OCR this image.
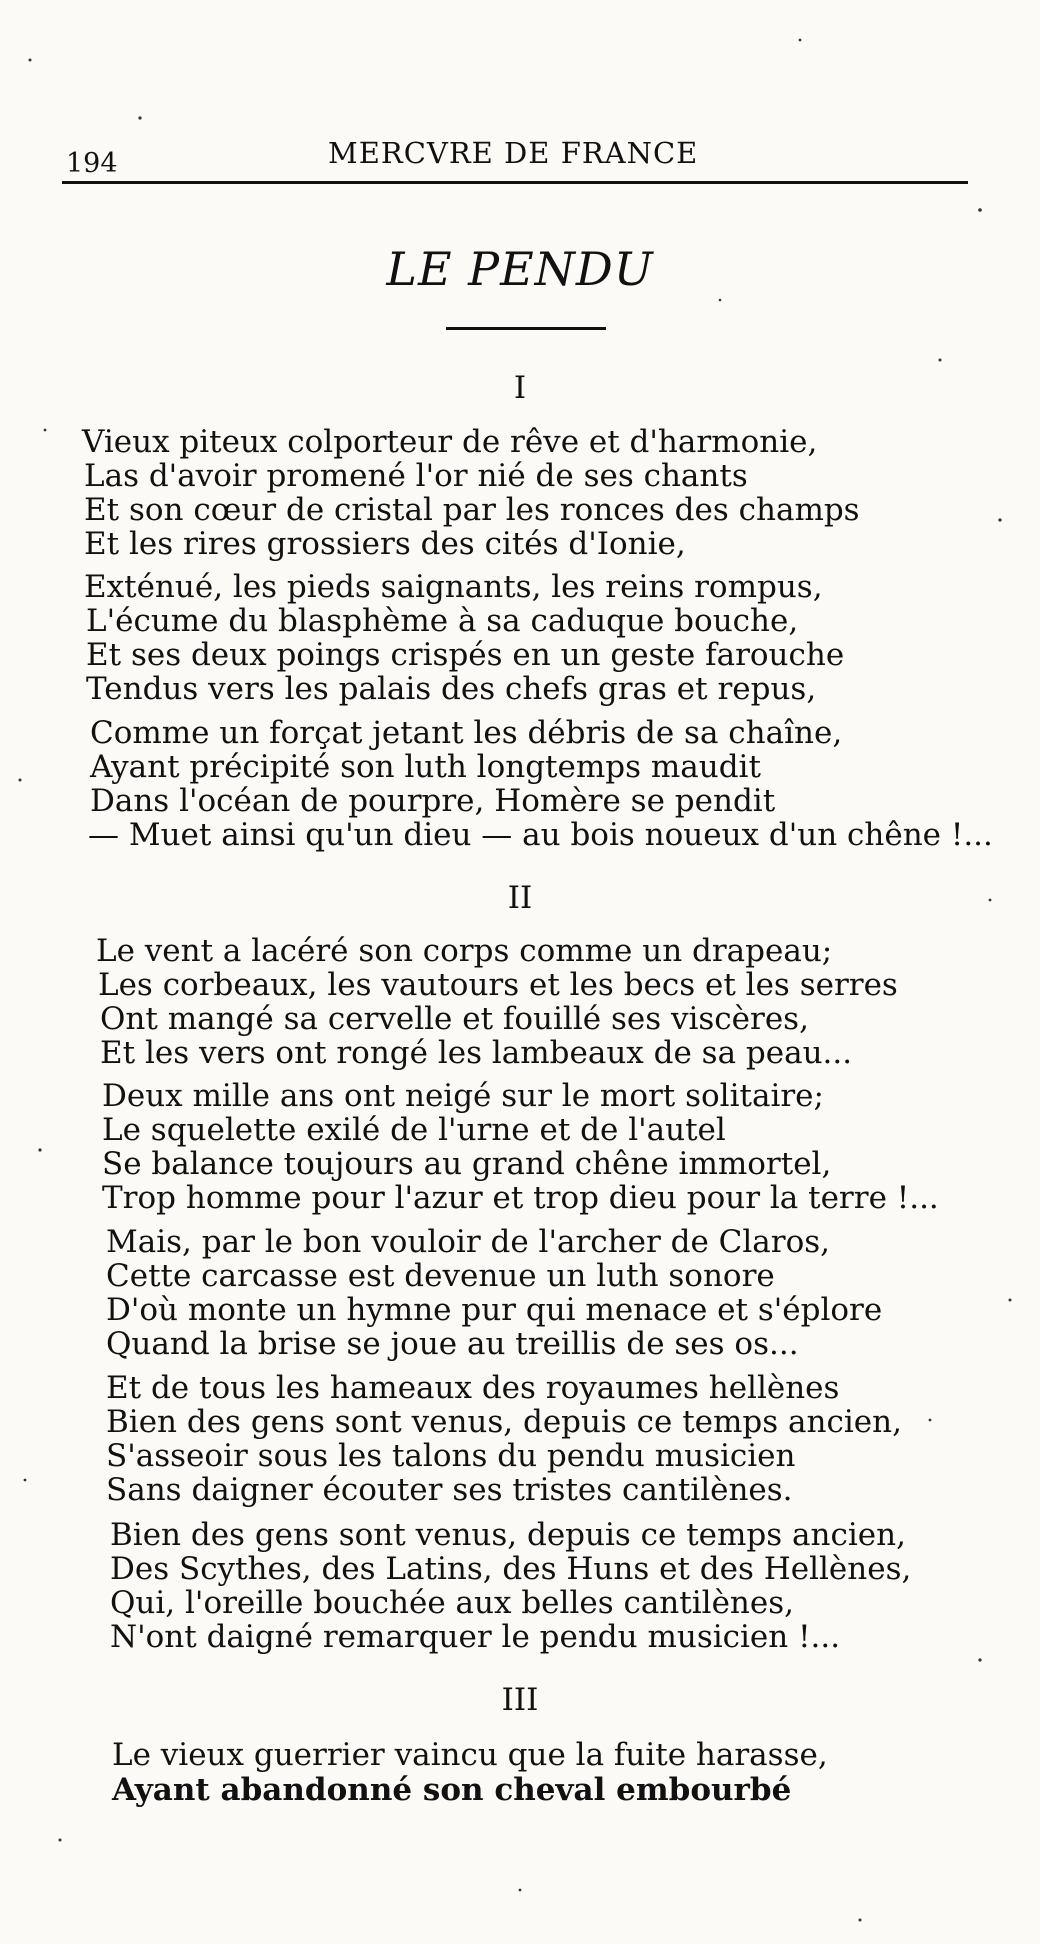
194	MERCVRE DE FRANCE
LE PENDU
I
Vieux piteux colporteur de rêve et d'harmonie,
Las d'avoir promené l'or nié de ses chants
Et son cœur de cristal par les ronces des champs
Et les rires grossiers des cités d'Ionie,
Exténué, les pieds saignants, les reins rompus,
L'écume du blasphème à sa caduque bouche,
Et ses deux poings crispés en un geste farouche
Tendus vers les palais des chefs gras et repus,
Comme un forçat jetant les débris de sa chaîne,
Ayant précipité son luth longtemps maudit
Dans l'océan de pourpre, Homère se pendit
— Muet ainsi qu'un dieu — au bois noueux d'un chêne !...
II
Le vent a lacéré son corps comme un drapeau;
Les corbeaux, les vautours et les becs et les serres
Ont mangé sa cervelle et fouillé ses viscères,
Et les vers ont rongé les lambeaux de sa peau...
Deux mille ans ont neigé sur le mort solitaire;
Le squelette exilé de l'urne et de l'autel
Se balance toujours au grand chêne immortel,
Trop homme pour l'azur et trop dieu pour la terre !...
Mais, par le bon vouloir de l'archer de Claros,
Cette carcasse est devenue un luth sonore
D'où monte un hymne pur qui menace et s'éplore
Quand la brise se joue au treillis de ses os...
Et de tous les hameaux des royaumes hellènes
Bien des gens sont venus, depuis ce temps ancien,
S'asseoir sous les talons du pendu musicien
Sans daigner écouter ses tristes cantilènes.
Bien des gens sont venus, depuis ce temps ancien,
Des Scythes, des Latins, des Huns et des Hellènes,
Qui, l'oreille bouchée aux belles cantilènes,
N'ont daigné remarquer le pendu musicien !...
III
Le vieux guerrier vaincu que la fuite harasse,
Ayant abandonné son cheval embourbé
